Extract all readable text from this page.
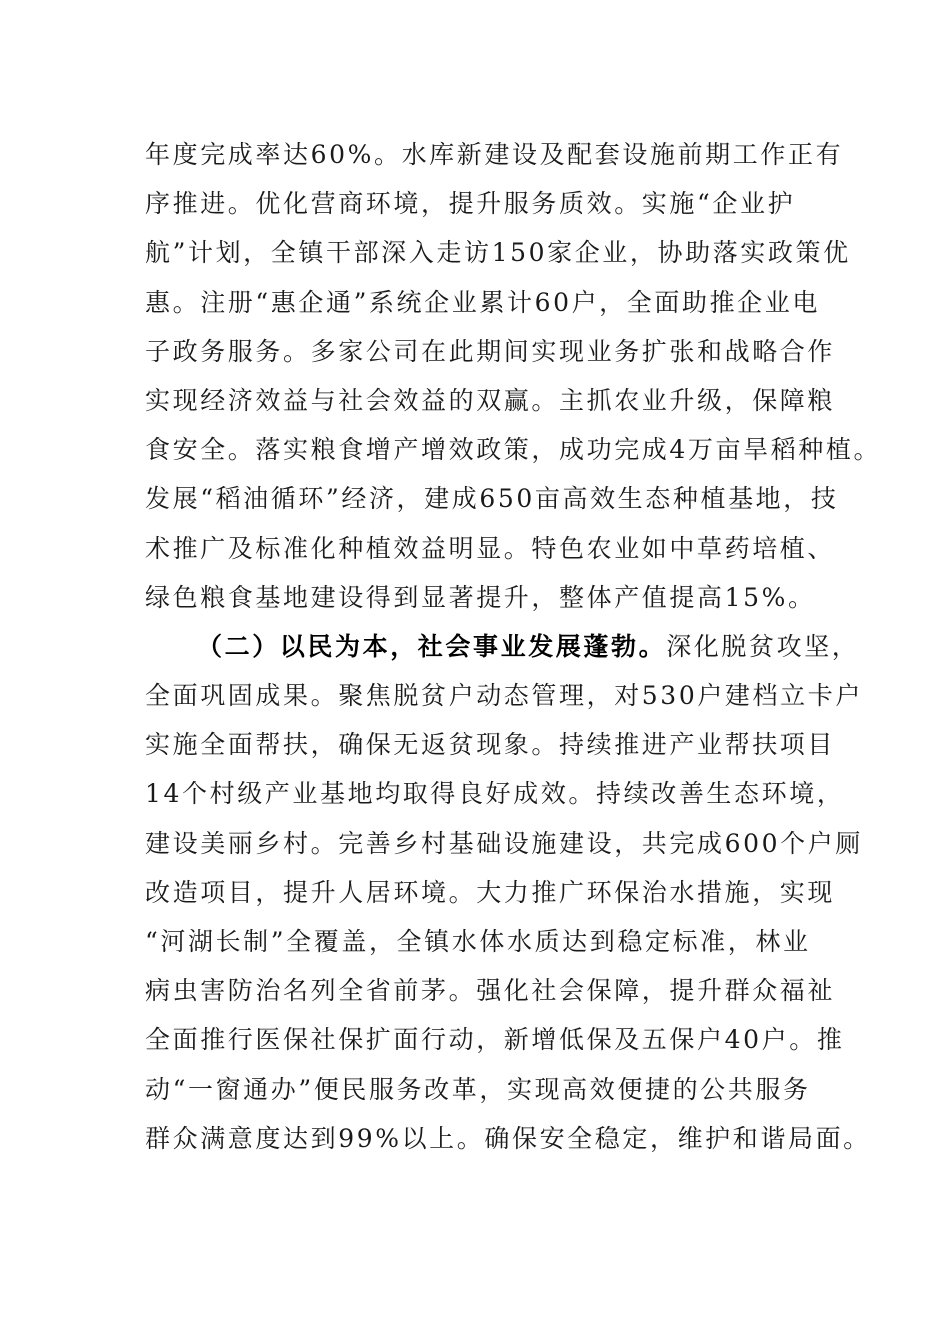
年度完成率达60%。水库新建设及配套设施前期工作正有
序推进。优化营商环境，提升服务质效。实施“企业护
航”计划，全镇干部深入走访150家企业，协助落实政策优
惠。注册“惠企通”系统企业累计60户，全面助推企业电
子政务服务。多家公司在此期间实现业务扩张和战略合作
实现经济效益与社会效益的双赢。主抓农业升级，保障粮
食安全。落实粮食增产增效政策，成功完成4万亩旱稻种植。
发展“稻油循环”经济，建成650亩高效生态种植基地，技
术推广及标准化种植效益明显。特色农业如中草药培植、
绿色粮食基地建设得到显著提升，整体产值提高15%。
（二）以民为本，社会事业发展蓬勃。深化脱贫攻坚，
全面巩固成果。聚焦脱贫户动态管理，对530户建档立卡户
实施全面帮扶，确保无返贫现象。持续推进产业帮扶项目
14个村级产业基地均取得良好成效。持续改善生态环境，
建设美丽乡村。完善乡村基础设施建设，共完成600个户厕
改造项目，提升人居环境。大力推广环保治水措施，实现
“河湖长制”全覆盖，全镇水体水质达到稳定标准，林业
病虫害防治名列全省前茅。强化社会保障，提升群众福祉
全面推行医保社保扩面行动，新增低保及五保户40户。推
动“一窗通办”便民服务改革，实现高效便捷的公共服务
群众满意度达到99%以上。确保安全稳定，维护和谐局面。
